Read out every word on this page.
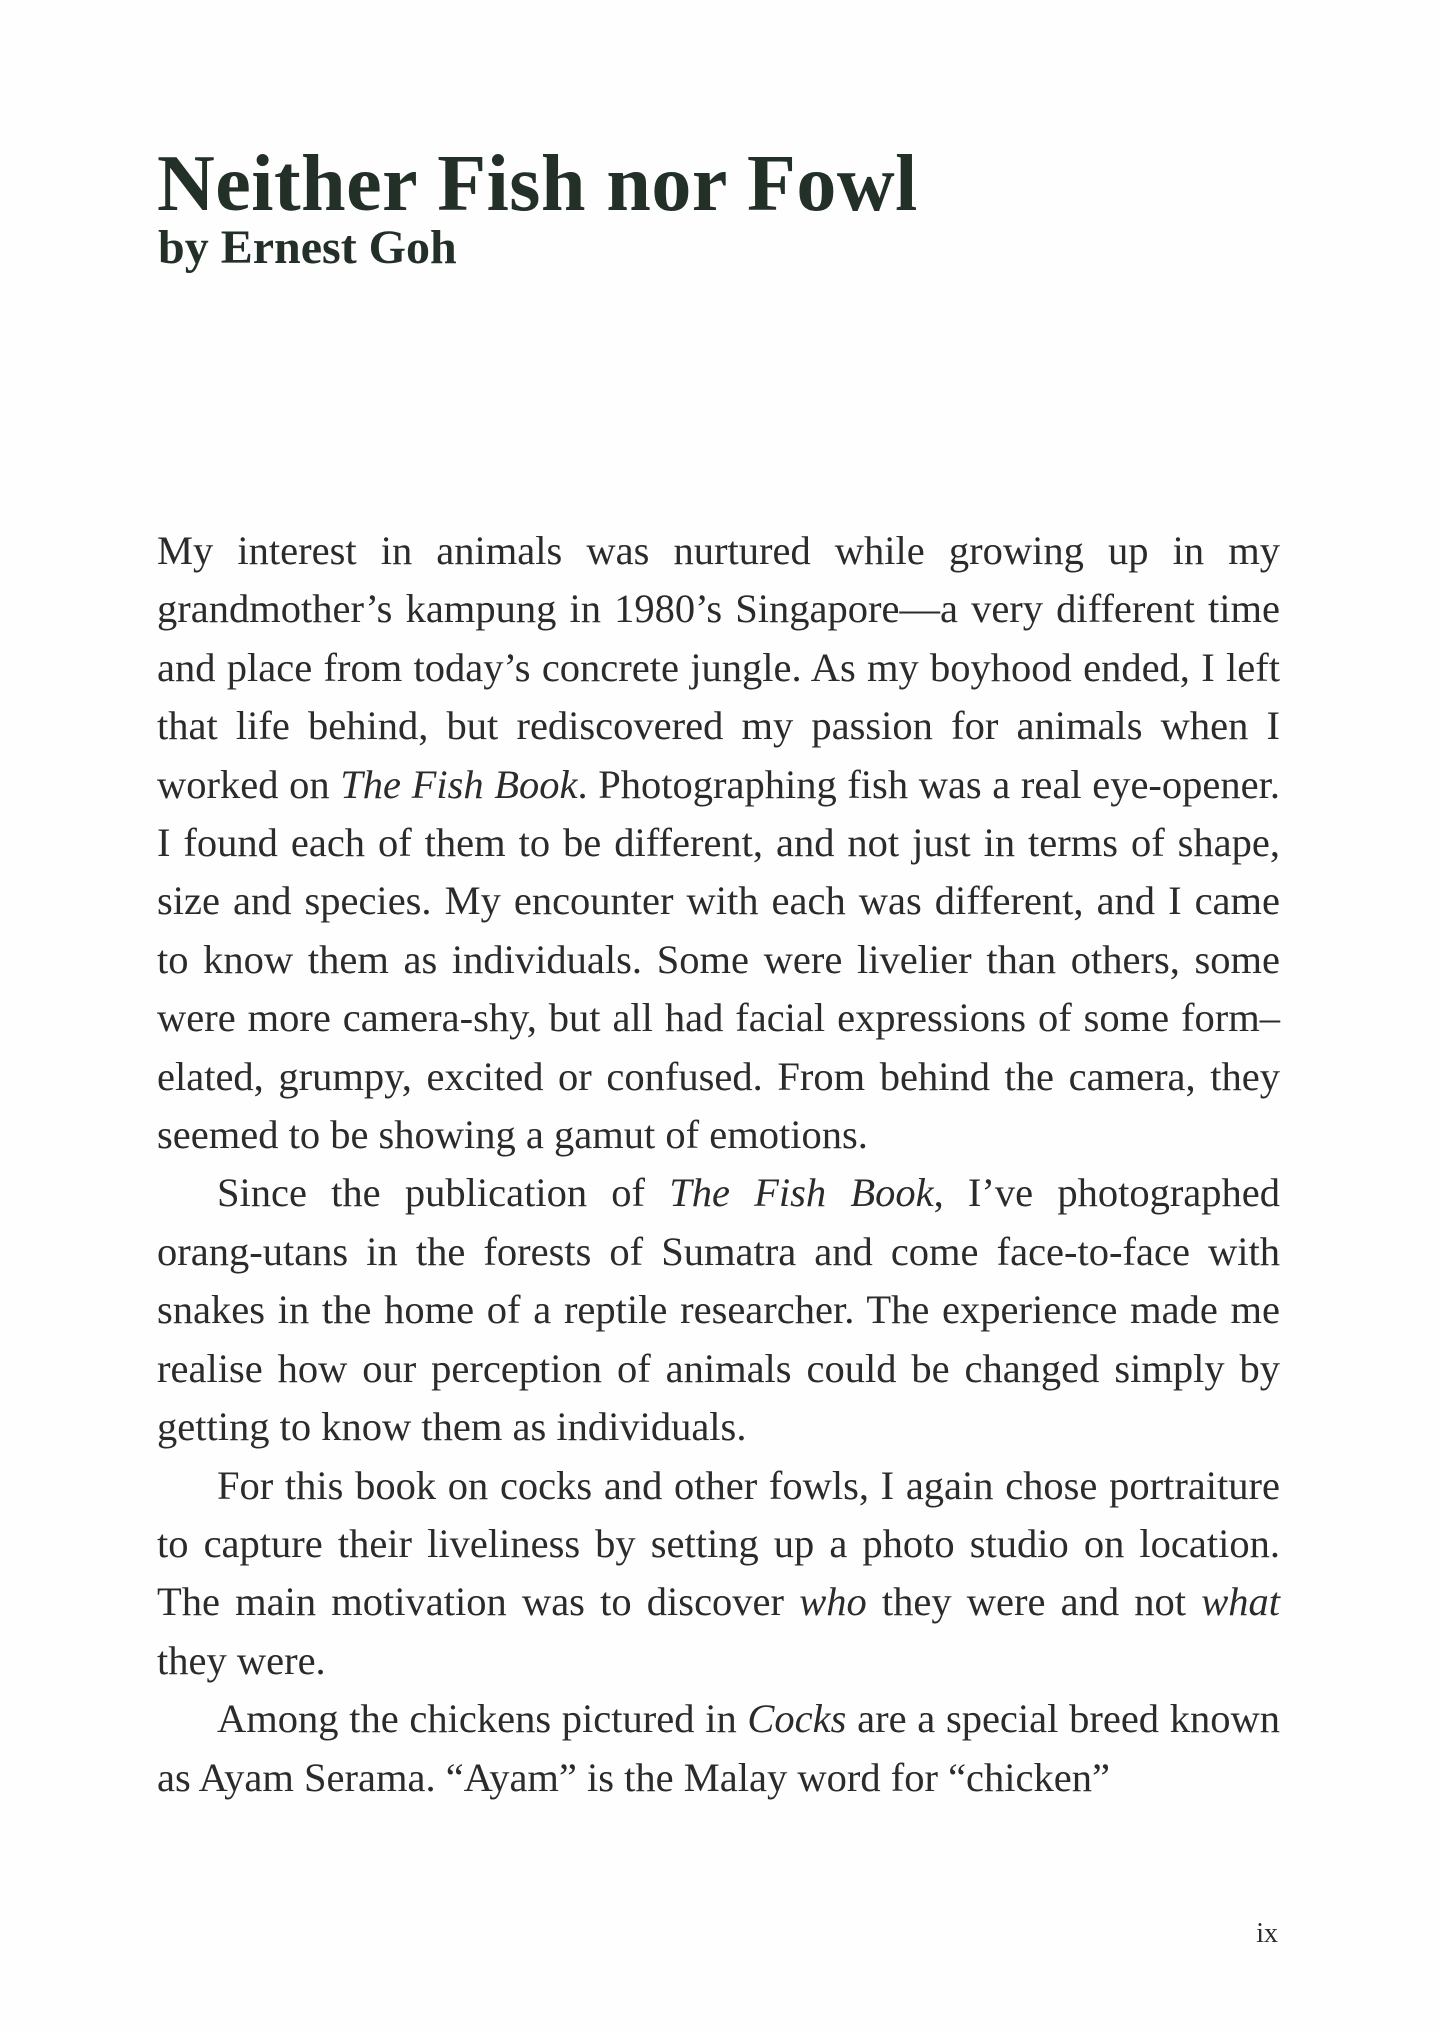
Neither Fish nor Fowl
by Ernest Goh

My interest in animals was nurtured while growing up in my grandmother’s kampung in 1980’s Singapore—a very different time and place from today’s concrete jungle. As my boyhood ended, I left that life behind, but rediscovered my passion for animals when I worked on The Fish Book. Photographing fish was a real eye-opener. I found each of them to be different, and not just in terms of shape, size and species. My encounter with each was different, and I came to know them as individuals. Some were livelier than others, some were more camera-shy, but all had facial expressions of some form–elated, grumpy, excited or confused. From behind the camera, they seemed to be showing a gamut of emotions.

Since the publication of The Fish Book, I’ve photographed orang-utans in the forests of Sumatra and come face-to-face with snakes in the home of a reptile researcher. The experience made me realise how our perception of animals could be changed simply by getting to know them as individuals.

For this book on cocks and other fowls, I again chose portraiture to capture their liveliness by setting up a photo studio on location. The main motivation was to discover who they were and not what they were.

Among the chickens pictured in Cocks are a special breed known as Ayam Serama. “Ayam” is the Malay word for “chicken”

ix
